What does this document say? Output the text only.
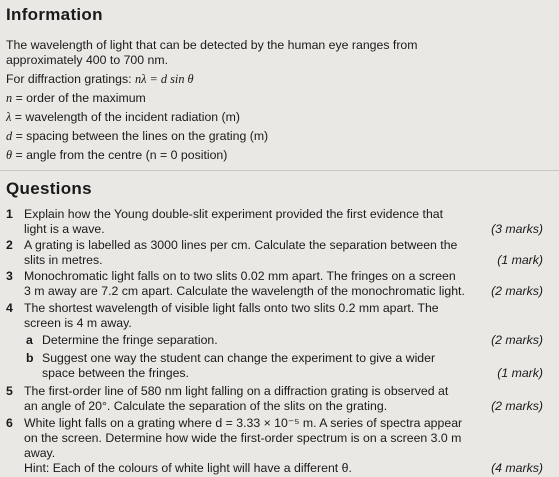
Information
The wavelength of light that can be detected by the human eye ranges from
approximately 400 to 700 nm.
For diffraction gratings: nλ = d sin θ
n = order of the maximum
λ = wavelength of the incident radiation (m)
d = spacing between the lines on the grating (m)
θ = angle from the centre (n = 0 position)
Questions
1 Explain how the Young double-slit experiment provided the first evidence that
light is a wave.	(3 marks)
2 A grating is labelled as 3000 lines per cm. Calculate the separation between the
slits in metres.	(1 mark)
3 Monochromatic light falls on to two slits 0.02 mm apart. The fringes on a screen
3 m away are 7.2 cm apart. Calculate the wavelength of the monochromatic light. (2 marks)
4 The shortest wavelength of visible light falls onto two slits 0.2 mm apart. The
screen is 4 m away.
a Determine the fringe separation.	(2 marks)
b Suggest one way the student can change the experiment to give a wider
space between the fringes.	(1 mark)
5 The first-order line of 580 nm light falling on a diffraction grating is observed at
an angle of 20°. Calculate the separation of the slits on the grating.	(2 marks)
6 White light falls on a grating where d = 3.33 × 10⁻⁵ m. A series of spectra appear
on the screen. Determine how wide the first-order spectrum is on a screen 3.0 m
away.
Hint: Each of the colours of white light will have a different θ.	(4 marks)
